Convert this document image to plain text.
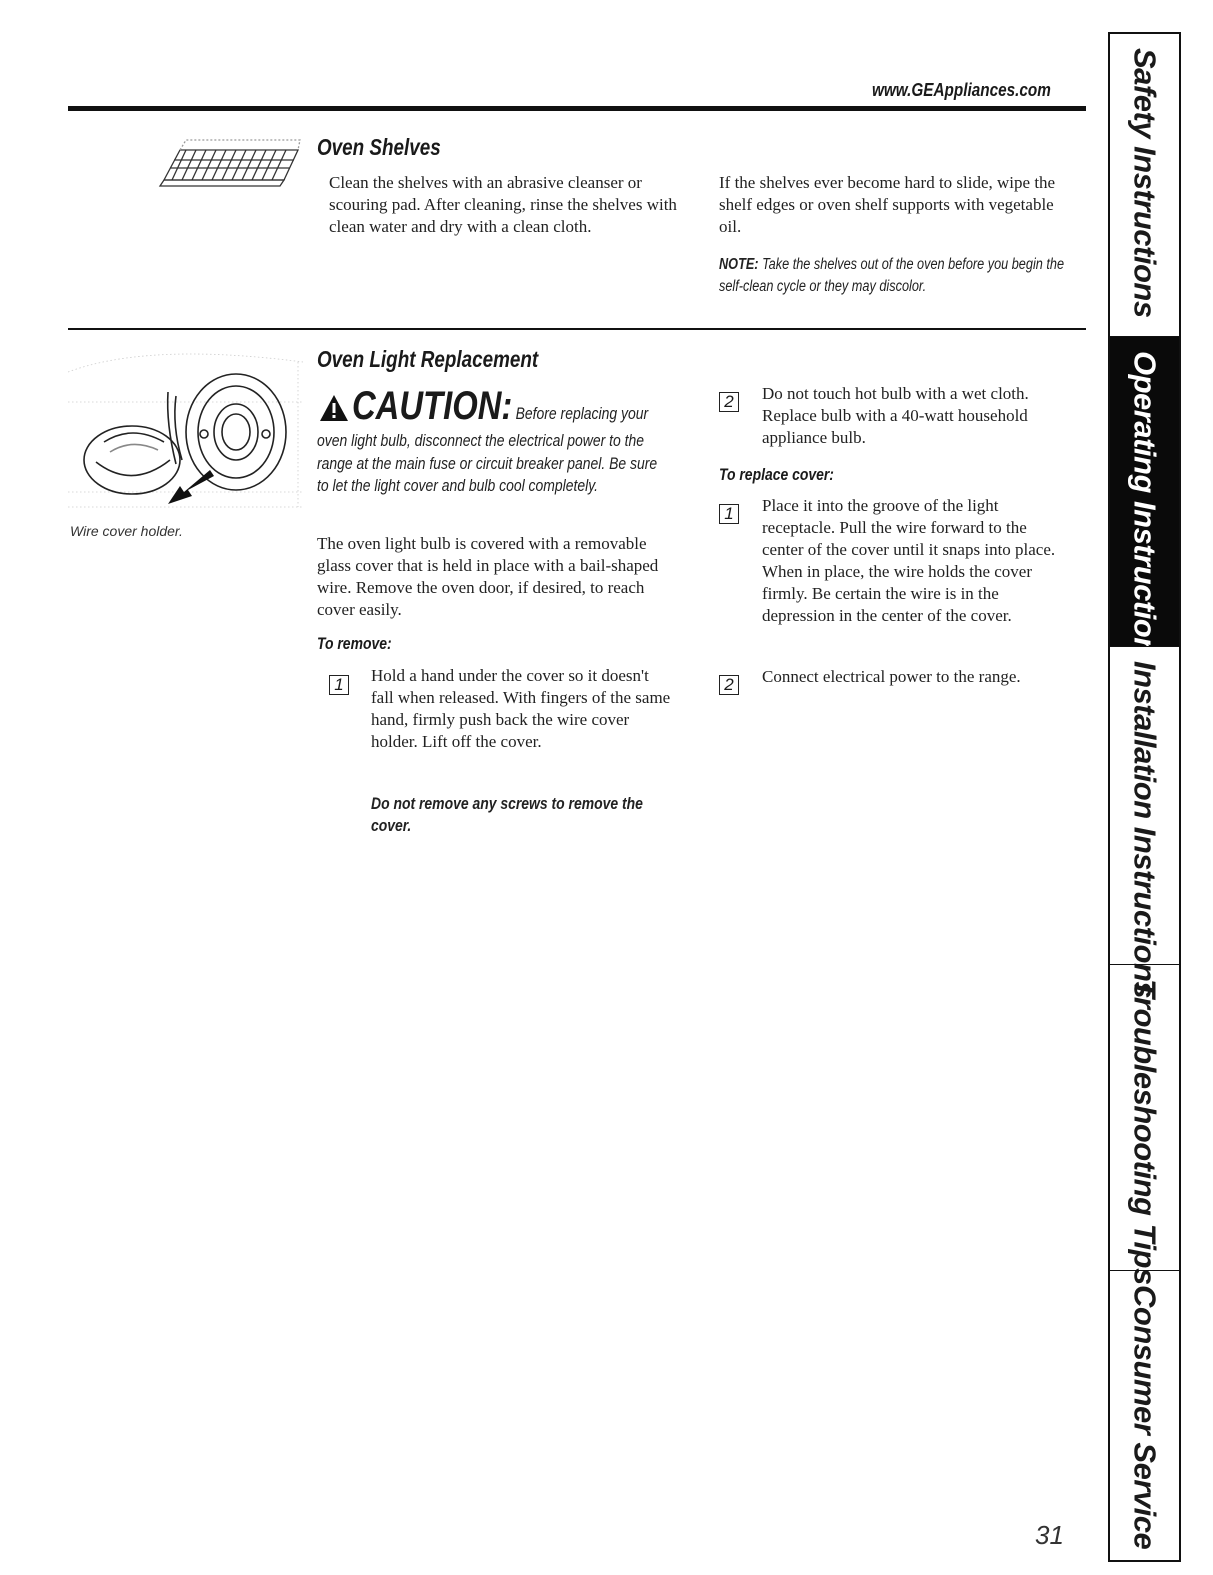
www.GEAppliances.com
Oven Shelves

Clean the shelves with an abrasive cleanser or scouring pad. After cleaning, rinse the shelves with clean water and dry with a clean cloth.

If the shelves ever become hard to slide, wipe the shelf edges or oven shelf supports with vegetable oil.

NOTE: Take the shelves out of the oven before you begin the self-clean cycle or they may discolor.

Wire cover holder.
Oven Light Replacement
CAUTION: Before replacing your

oven light bulb, disconnect the electrical power to the range at the main fuse or circuit breaker panel. Be sure to let the light cover and bulb cool completely.

The oven light bulb is covered with a removable glass cover that is held in place with a bail-shaped wire. Remove the oven door, if desired, to reach cover easily.

To remove:
1	Hold a hand under the cover so it doesn't fall when released. With fingers of the same hand, firmly push back the wire cover holder. Lift off the cover.

Do not remove any screws to remove the cover.

2	Do not touch hot bulb with a wet cloth. Replace bulb with a 40-watt household appliance bulb.

To replace cover:
1	Place it into the groove of the light receptacle. Pull the wire forward to the center of the cover until it snaps into place. When in place, the wire holds the cover firmly. Be certain the wire is in the depression in the center of the cover.

2	Connect electrical power to the range.

Safety Instructions
Operating Instructions
Installation Instructions
Troubleshooting Tips
Consumer Service
31
